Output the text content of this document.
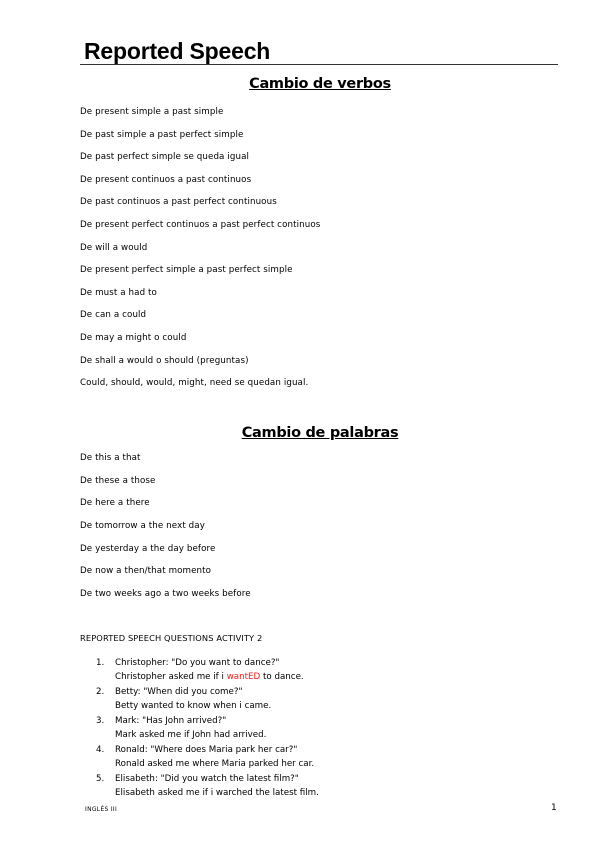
Reported Speech
Cambio de verbos
De present simple a past simple
De past simple a past perfect simple
De past perfect simple se queda igual
De present continuos a past continuos
De past continuos a past perfect continuous
De present perfect continuos a past perfect continuos
De will a would
De present perfect simple a past perfect simple
De must a had to
De can a could
De may a might o could
De shall a would o should (preguntas)
Could, should, would, might, need se quedan igual.
Cambio de palabras
De this a that
De these a those
De here a there
De tomorrow a the next day
De yesterday a the day before
De now a then/that momento
De two weeks ago a two weeks before

REPORTED SPEECH QUESTIONS ACTIVITY 2

1.	Christopher: "Do you want to dance?"
Christopher asked me if i wantED to dance.
2.	Betty: "When did you come?"
Betty wanted to know when i came.
3.	Mark: "Has John arrived?"
Mark asked me if John had arrived.
4.	Ronald: "Where does Maria park her car?"
Ronald asked me where Maria parked her car.
5.	Elisabeth: "Did you watch the latest film?"
Elisabeth asked me if i warched the latest film.

INGLÉS III	1
